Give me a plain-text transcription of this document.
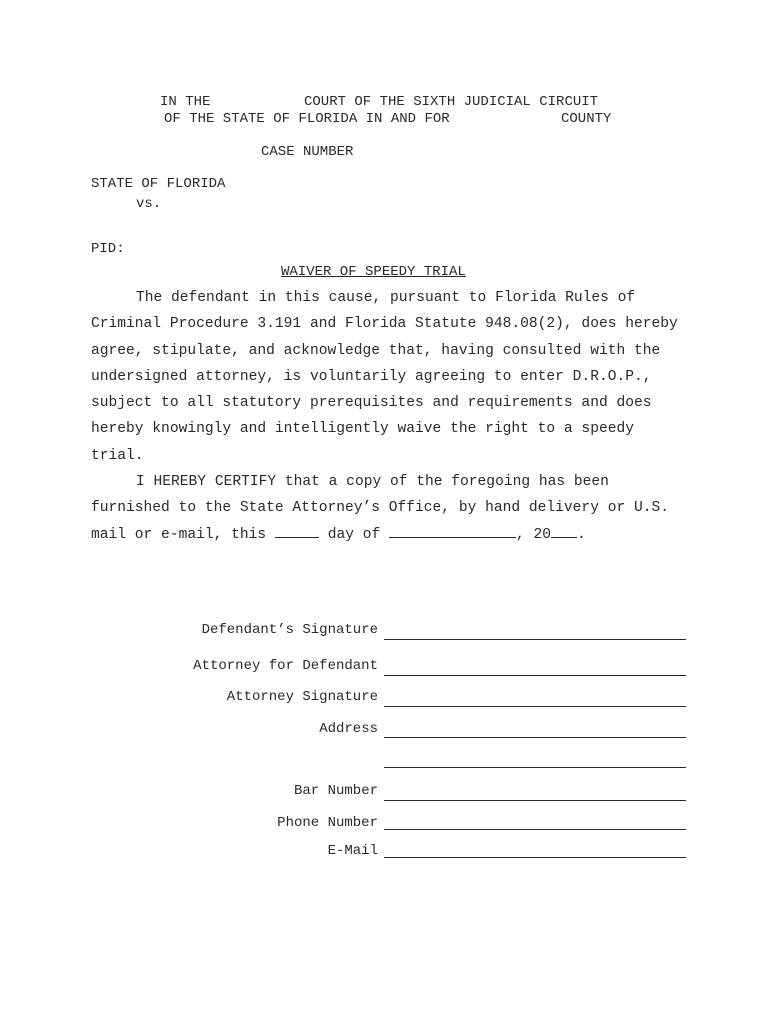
IN THE	COURT OF THE SIXTH JUDICIAL CIRCUIT
OF THE STATE OF FLORIDA IN AND FOR	COUNTY
CASE NUMBER
STATE OF FLORIDA
vs.
PID:
WAIVER OF SPEEDY TRIAL
The defendant in this cause, pursuant to Florida Rules of Criminal Procedure 3.191 and Florida Statute 948.08(2), does hereby agree, stipulate, and acknowledge that, having consulted with the undersigned attorney, is voluntarily agreeing to enter D.R.O.P., subject to all statutory prerequisites and requirements and does hereby knowingly and intelligently waive the right to a speedy trial.
I HEREBY CERTIFY that a copy of the foregoing has been furnished to the State Attorney’s Office, by hand delivery or U.S. mail or e-mail, this	day of	, 20 .
Defendant’s Signature
Attorney for Defendant
Attorney Signature
Address
Bar Number
Phone Number
E-Mail
